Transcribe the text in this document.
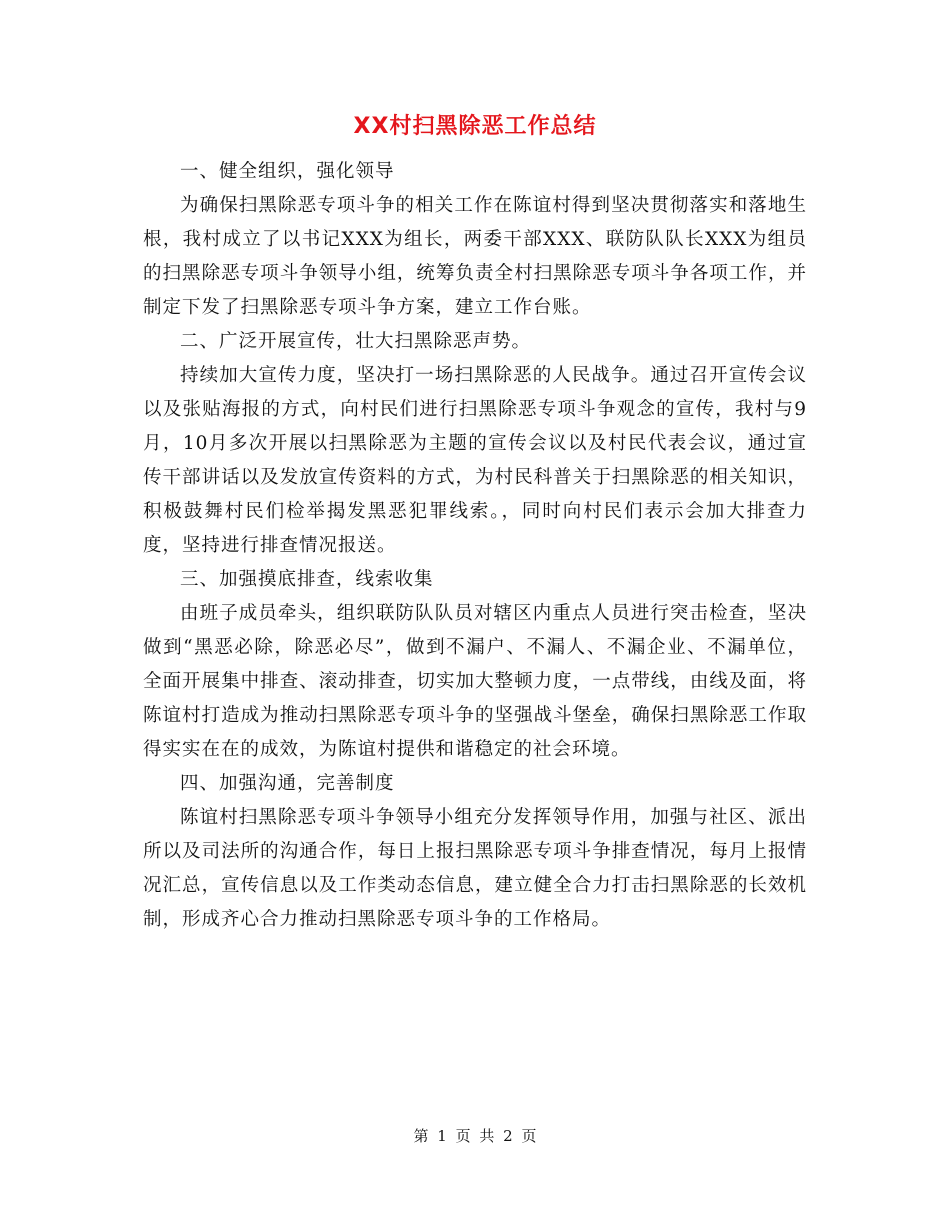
XX村扫黑除恶工作总结

一、健全组织，强化领导

为确保扫黑除恶专项斗争的相关工作在陈谊村得到坚决贯彻落实和落地生根，我村成立了以书记XXX为组长，两委干部XXX、联防队队长XXX为组员的扫黑除恶专项斗争领导小组，统筹负责全村扫黑除恶专项斗争各项工作，并制定下发了扫黑除恶专项斗争方案，建立工作台账。

二、广泛开展宣传，壮大扫黑除恶声势。

持续加大宣传力度，坚决打一场扫黑除恶的人民战争。通过召开宣传会议以及张贴海报的方式，向村民们进行扫黑除恶专项斗争观念的宣传，我村与9月，10月多次开展以扫黑除恶为主题的宣传会议以及村民代表会议，通过宣传干部讲话以及发放宣传资料的方式，为村民科普关于扫黑除恶的相关知识，积极鼓舞村民们检举揭发黑恶犯罪线索。，同时向村民们表示会加大排查力度，坚持进行排查情况报送。

三、加强摸底排查，线索收集

由班子成员牵头，组织联防队队员对辖区内重点人员进行突击检查，坚决做到“黑恶必除，除恶必尽”，做到不漏户、不漏人、不漏企业、不漏单位，全面开展集中排查、滚动排查，切实加大整顿力度，一点带线，由线及面，将陈谊村打造成为推动扫黑除恶专项斗争的坚强战斗堡垒，确保扫黑除恶工作取得实实在在的成效，为陈谊村提供和谐稳定的社会环境。

四、加强沟通，完善制度

陈谊村扫黑除恶专项斗争领导小组充分发挥领导作用，加强与社区、派出所以及司法所的沟通合作，每日上报扫黑除恶专项斗争排查情况，每月上报情况汇总，宣传信息以及工作类动态信息，建立健全合力打击扫黑除恶的长效机制，形成齐心合力推动扫黑除恶专项斗争的工作格局。

第 1 页 共 2 页
